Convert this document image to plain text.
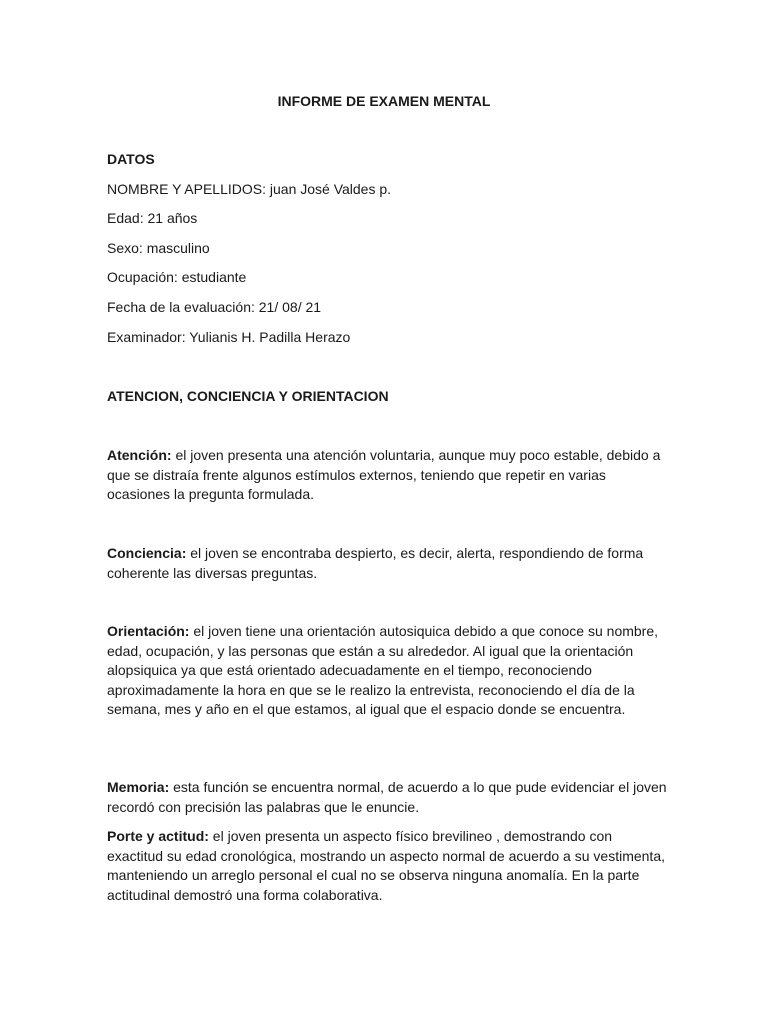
INFORME DE EXAMEN MENTAL
DATOS
NOMBRE Y APELLIDOS: juan José Valdes p.
Edad: 21 años
Sexo: masculino
Ocupación: estudiante
Fecha de la evaluación: 21/ 08/ 21
Examinador: Yulianis H. Padilla Herazo
ATENCION, CONCIENCIA Y ORIENTACION
Atención: el joven presenta una atención voluntaria, aunque muy poco estable, debido a que se distraía frente algunos estímulos externos, teniendo que repetir en varias ocasiones la pregunta formulada.
Conciencia: el joven se encontraba despierto, es decir, alerta, respondiendo de forma coherente las diversas preguntas.
Orientación: el joven tiene una orientación autosiquica debido a que conoce su nombre, edad, ocupación, y las personas que están a su alrededor. Al igual que la orientación alopsiquica ya que está orientado adecuadamente en el tiempo, reconociendo aproximadamente la hora en que se le realizo la entrevista, reconociendo el día de la semana, mes y año en el que estamos, al igual que el espacio donde se encuentra.
Memoria: esta función se encuentra normal, de acuerdo a lo que pude evidenciar el joven recordó con precisión las palabras que le enuncie.
Porte y actitud: el joven presenta un aspecto físico brevilineo , demostrando con exactitud su edad cronológica, mostrando un aspecto normal de acuerdo a su vestimenta, manteniendo un arreglo personal el cual no se observa ninguna anomalía. En la parte actitudinal demostró una forma colaborativa.
